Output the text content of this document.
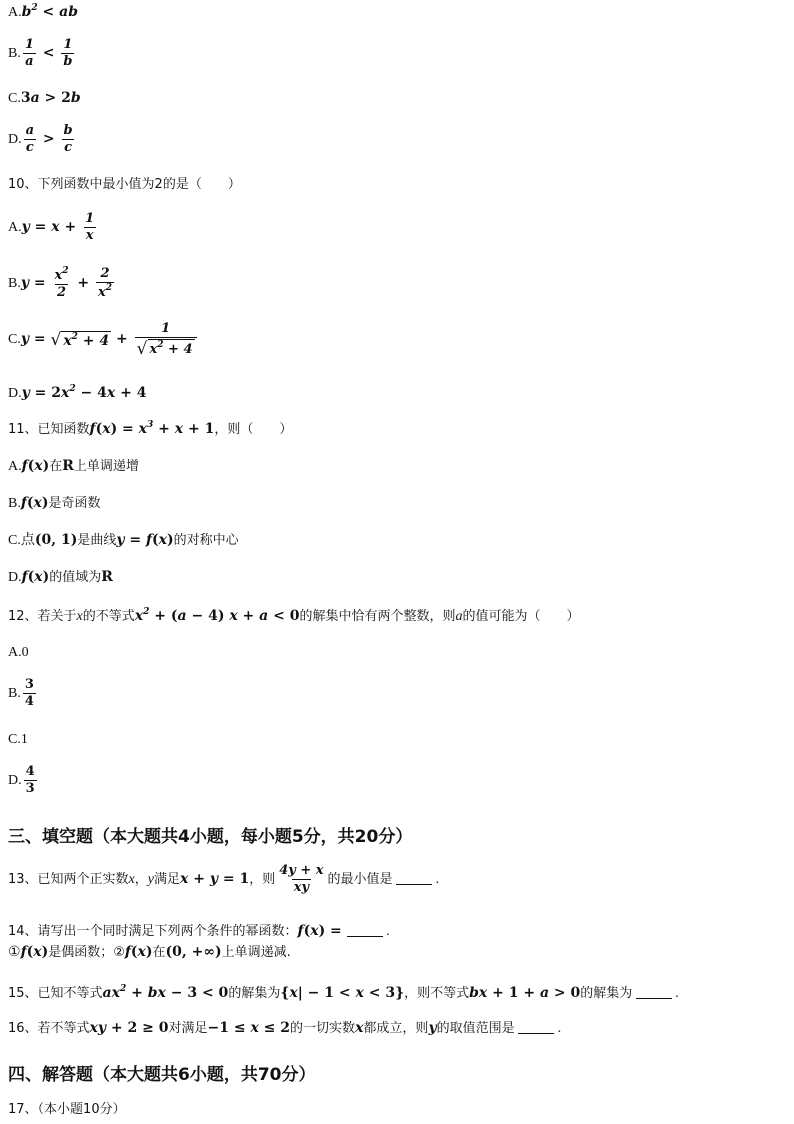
$A.b^2$ < ab
B. $\frac{1}{a} < \frac{1}{b}$
C.3a > 2b
D. $\frac{a}{c} > \frac{b}{c}$
10、下列函数中最小值为2的是（　　）
$A.y = x + \frac{1}{x}$
$B.y = \frac{x^2}{2} + \frac{2}{x^2}$
C.y = √ $x^2 + 4 + \frac{1}{√ x^2 + 4}$
$D.y = 2x^2 - 4x + 4$
11、已知函数$f(x) = x^3 + x + 1$，则（　　）
A.f(x)在R上单调递增
B.f(x)是奇函数
C.点(0, 1)是曲线y = f(x)的对称中心
D.f(x)的值域为R
12、若关于x的不等式$x^2 + (a - 4) x + a < 0$的解集中恰有两个整数，则a的值可能为（　　）
A.0
B. $\frac{3}{4}$
C.1
D. $\frac{4}{3}$
三、填空题（本大题共4小题，每小题5分，共20分）
13、已知两个正实数x，y满足x + y = 1，则 $\frac{4y + x}{xy}$ 的最小值是	.
14、请写出一个同时满足下列两个条件的幂函数：f(x) =	.
①f(x)是偶函数；②f(x)在(0, +∞)上单调递减.
15、已知不等式$ax^2$ + bx − 3 < 0的解集为{x| − 1 < x < 3}，则不等式bx + 1 + a > 0的解集为	.
16、若不等式xy + 2 ≥ 0对满足−1 ≤ x ≤ 2的一切实数x都成立，则y的取值范围是	.
四、解答题（本大题共6小题，共70分）
17、（本小题10分）
